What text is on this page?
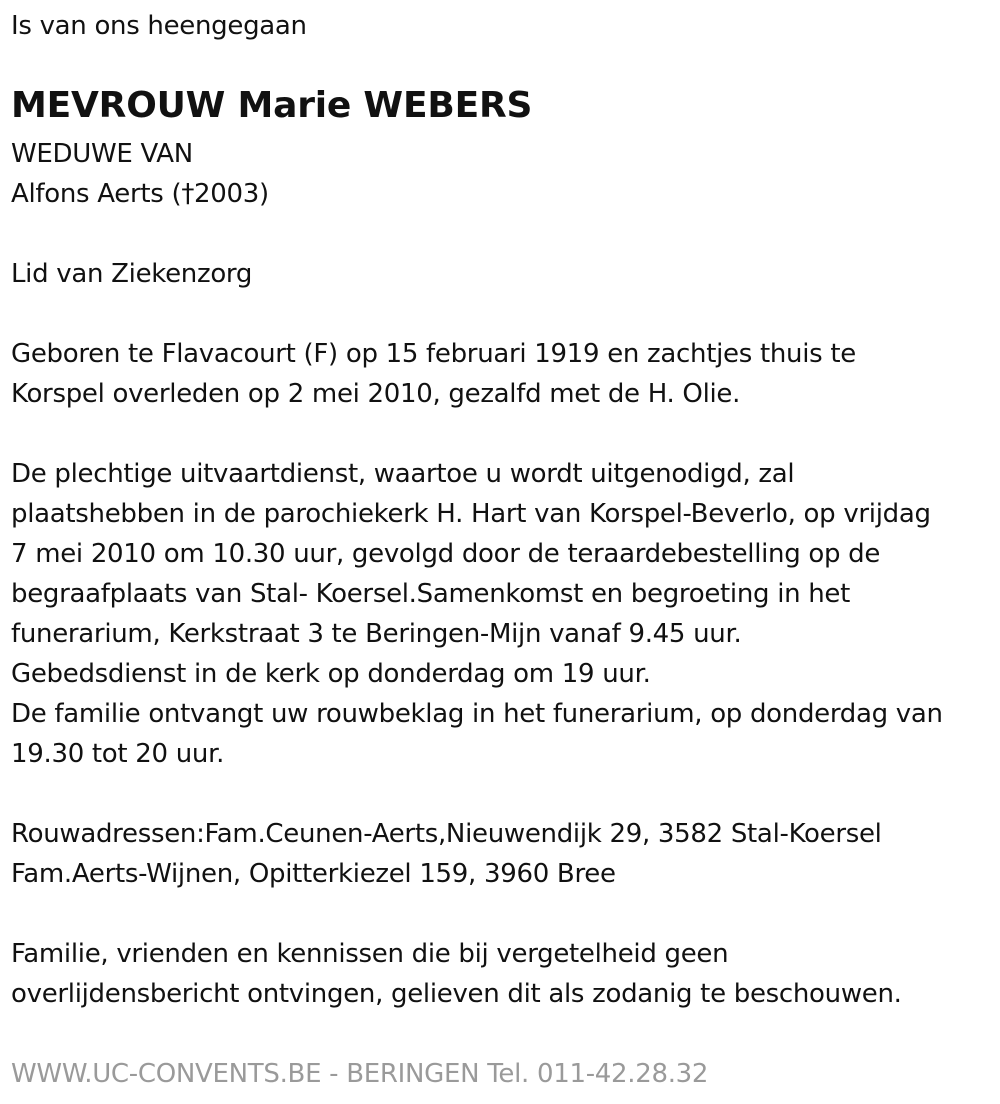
Is van ons heengegaan
MEVROUW Marie WEBERS
WEDUWE VAN
Alfons Aerts (†2003)
Lid van Ziekenzorg
Geboren te Flavacourt (F) op 15 februari 1919 en zachtjes thuis te
Korspel overleden op 2 mei 2010, gezalfd met de H. Olie.
De plechtige uitvaartdienst, waartoe u wordt uitgenodigd, zal
plaatshebben in de parochiekerk H. Hart van Korspel-Beverlo, op vrijdag
7 mei 2010 om 10.30 uur, gevolgd door de teraardebestelling op de
begraafplaats van Stal- Koersel.Samenkomst en begroeting in het
funerarium, Kerkstraat 3 te Beringen-Mijn vanaf 9.45 uur.
Gebedsdienst in de kerk op donderdag om 19 uur.
De familie ontvangt uw rouwbeklag in het funerarium, op donderdag van
19.30 tot 20 uur.
Rouwadressen:Fam.Ceunen-Aerts,Nieuwendijk 29, 3582 Stal-Koersel
Fam.Aerts-Wijnen, Opitterkiezel 159, 3960 Bree
Familie, vrienden en kennissen die bij vergetelheid geen
overlijdensbericht ontvingen, gelieven dit als zodanig te beschouwen.
WWW.UC-CONVENTS.BE - BERINGEN Tel. 011-42.28.32
